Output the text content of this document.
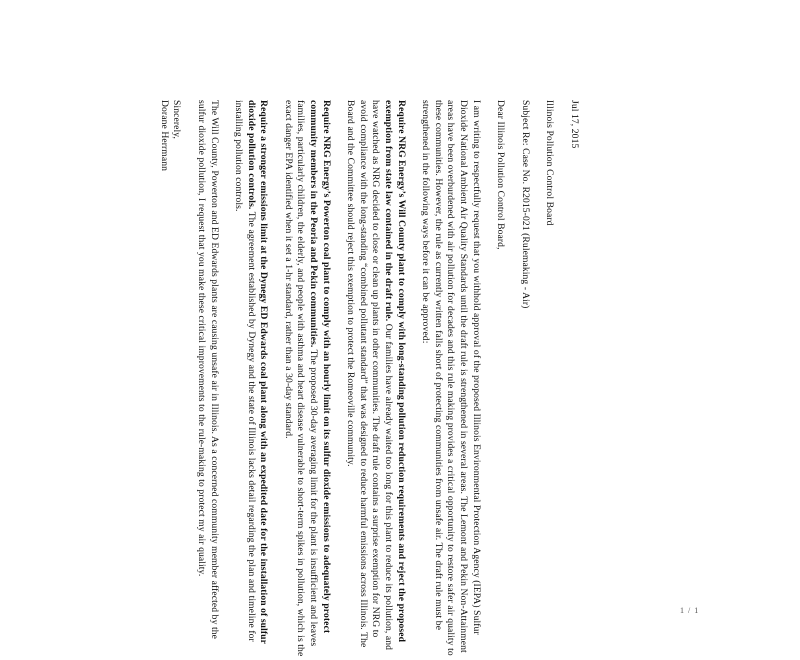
Jul 17, 2015
Illinois Pollution Control Board
Subject Re: Case No. R2015-021 (Rulemaking - Air)
Dear Illinois Pollution Control Board,

I am writing to respectfully request that you withhold approval of the proposed Illinois Environmental Protection Agency (IEPA) Sulfur Dioxide National Ambient Air Quality Standards until the draft rule is strengthened in several areas. The Lemont and Pekin Non-Attainment areas have been overburdened with air pollution for decades and this rule making provides a critical opportunity to restore safer air quality to these communities. However, the rule as currently written falls short of protecting communities from unsafe air. The draft rule must be strengthened in the following ways before it can be approved:

Require NRG Energy’s Will County plant to comply with long-standing pollution reduction requirements and reject the proposed exemption from state law contained in the draft rule. Our families have already waited too long for this plant to reduce its pollution, and have watched as NRG decided to close or clean up plants in other communities. The draft rule contains a surprise exemption for NRG to avoid compliance with the long-standing “combined pollutant standard” that was designed to reduce harmful emissions across Illinois. The Board and the Committee should reject this exemption to protect the Romeoville community.

Require NRG Energy’s Powerton coal plant to comply with an hourly limit on its sulfur dioxide emissions to adequately protect community members in the Peoria and Pekin communities. The proposed 30-day averaging limit for the plant is insufficient and leaves families, particularly children, the elderly, and people with asthma and heart disease vulnerable to short-term spikes in pollution, which is the exact danger EPA identified when it set a 1-hr standard, rather than a 30-day standard.

Require a stronger emissions limit at the Dynegy ED Edwards coal plant along with an expedited date for the installation of sulfur dioxide pollution controls. The agreement established by Dynegy and the state of Illinois lacks detail regarding the plan and timeline for installing pollution controls.

The Will County, Powerton and ED Edwards plants are causing unsafe air in Illinois. As a concerned community member affected by the sulfur dioxide pollution, I request that you make these critical improvements to the rule-making to protect my air quality.

Sincerely,
Dorane Herrmann
1 / 1
